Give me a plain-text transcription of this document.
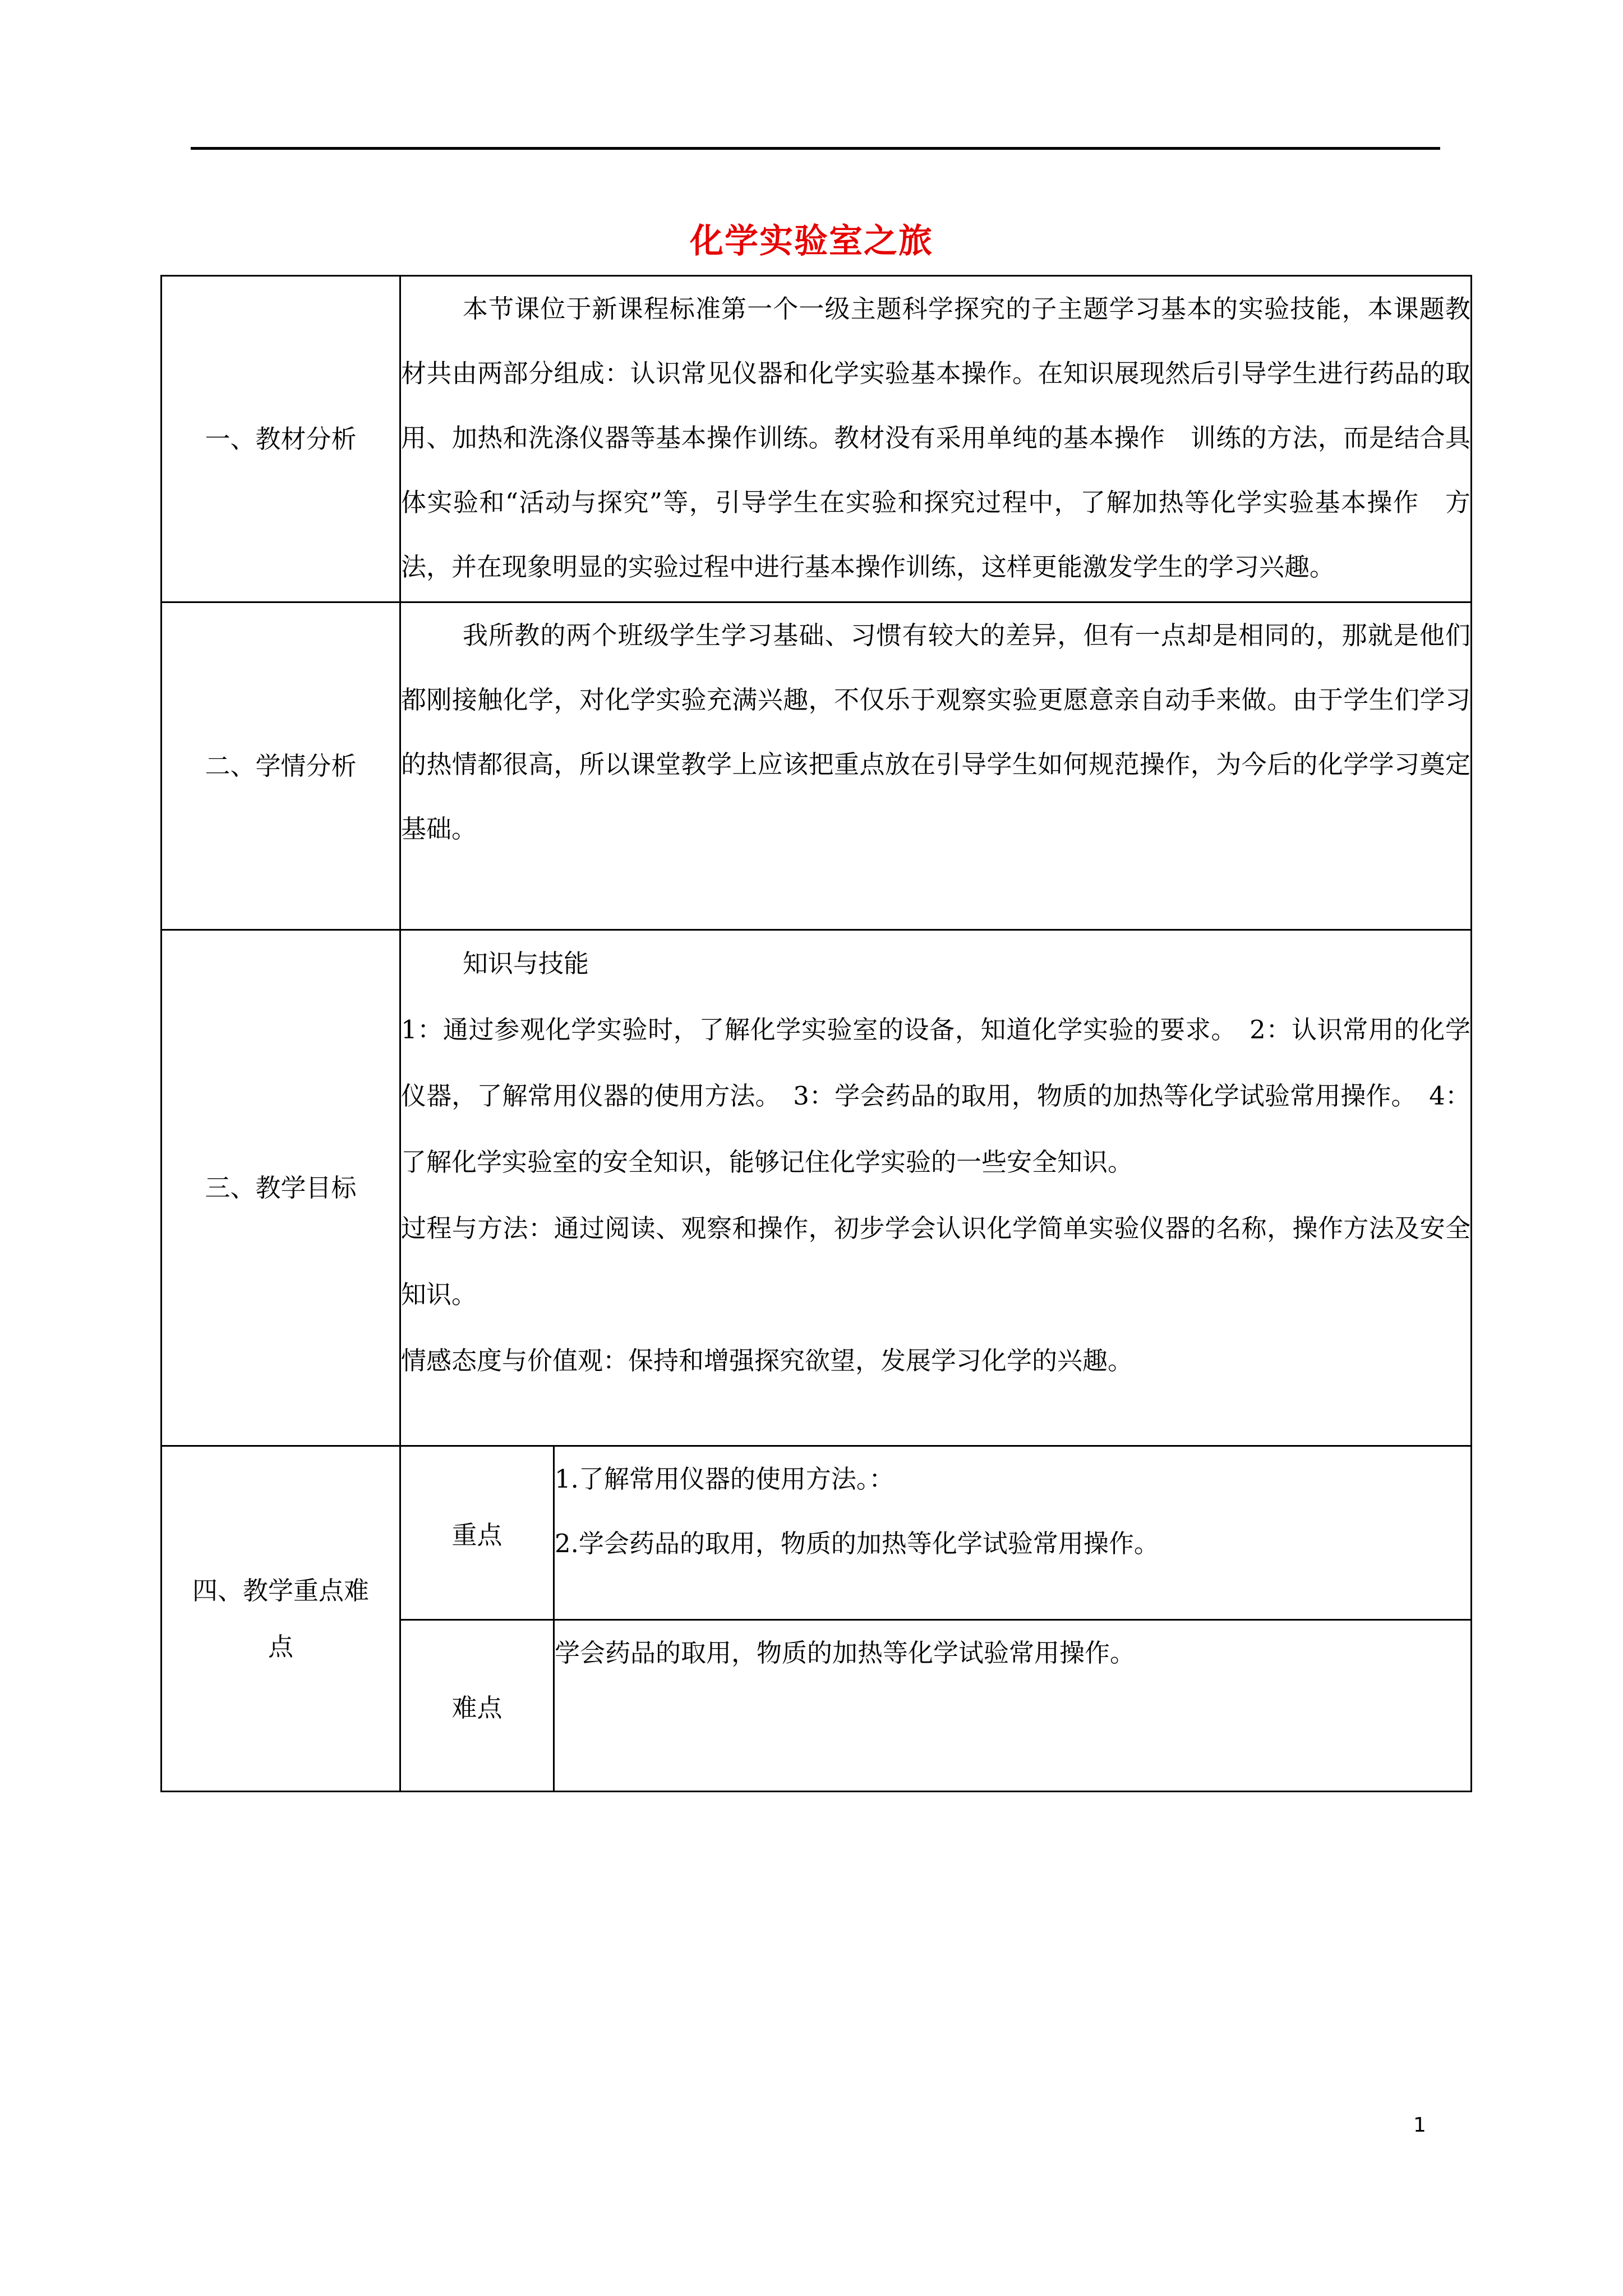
化学实验室之旅
一、教材分析	本节课位于新课程标准第一个一级主题科学探究的子主题学习基本的实验技能，本课题教材共由两部分组成：认识常见仪器和化学实验基本操作。在知识展现然后引导学生进行药品的取用、加热和洗涤仪器等基本操作训练。教材没有采用单纯的基本操作　训练的方法，而是结合具体实验和“活动与探究”等，引导学生在实验和探究过程中，了解加热等化学实验基本操作　方法，并在现象明显的实验过程中进行基本操作训练，这样更能激发学生的学习兴趣。	
二、学情分析	我所教的两个班级学生学习基础、习惯有较大的差异，但有一点却是相同的，那就是他们都刚接触化学，对化学实验充满兴趣，不仅乐于观察实验更愿意亲自动手来做。由于学生们学习的热情都很高，所以课堂教学上应该把重点放在引导学生如何规范操作，为今后的化学学习奠定基础。	
三、教学目标	知识与技能

1：通过参观化学实验时，了解化学实验室的设备，知道化学实验的要求。　2：认识常用的化学仪器，了解常用仪器的使用方法。　3：学会药品的取用，物质的加热等化学试验常用操作。　4：了解化学实验室的安全知识，能够记住化学实验的一些安全知识。

过程与方法：通过阅读、观察和操作，初步学会认识化学简单实验仪器的名称，操作方法及安全知识。

情感态度与价值观：保持和增强探究欲望，发展学习化学的兴趣。	

四、教学重点难点	重点	1.了解常用仪器的使用方法。：

2.学会药品的取用，物质的加热等化学试验常用操作。

	难点	学会药品的取用，物质的加热等化学试验常用操作。
1
